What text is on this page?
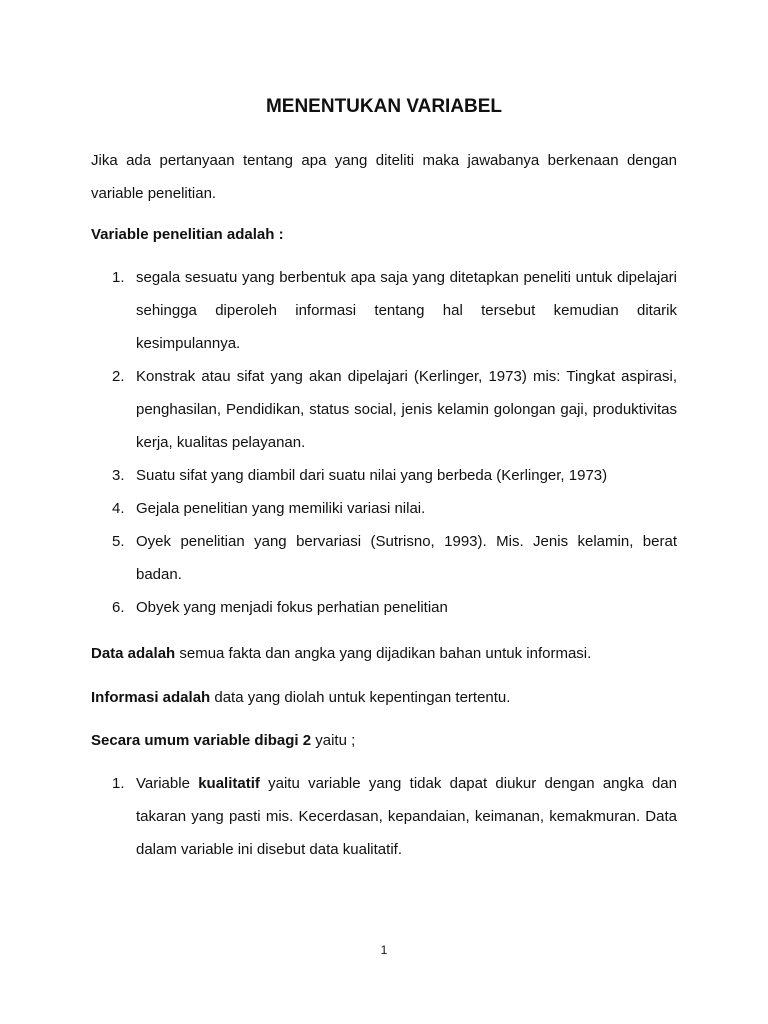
MENENTUKAN VARIABEL

Jika ada pertanyaan tentang apa yang diteliti maka jawabanya berkenaan dengan variable penelitian.

Variable penelitian adalah :

1. segala sesuatu yang berbentuk apa saja yang ditetapkan peneliti untuk dipelajari sehingga diperoleh informasi tentang hal tersebut kemudian ditarik kesimpulannya.
2. Konstrak atau sifat yang akan dipelajari (Kerlinger, 1973) mis: Tingkat aspirasi, penghasilan, Pendidikan, status social, jenis kelamin golongan gaji, produktivitas kerja, kualitas pelayanan.
3. Suatu sifat yang diambil dari suatu nilai yang berbeda (Kerlinger, 1973)
4. Gejala penelitian yang memiliki variasi nilai.
5. Oyek penelitian yang bervariasi (Sutrisno, 1993). Mis. Jenis kelamin, berat badan.
6. Obyek yang menjadi fokus perhatian penelitian

Data adalah semua fakta dan angka yang dijadikan bahan untuk informasi.

Informasi adalah data yang diolah untuk kepentingan tertentu.

Secara umum variable dibagi 2 yaitu ;

1. Variable kualitatif yaitu variable yang tidak dapat diukur dengan angka dan takaran yang pasti mis. Kecerdasan, kepandaian, keimanan, kemakmuran. Data dalam variable ini disebut data kualitatif.

1
